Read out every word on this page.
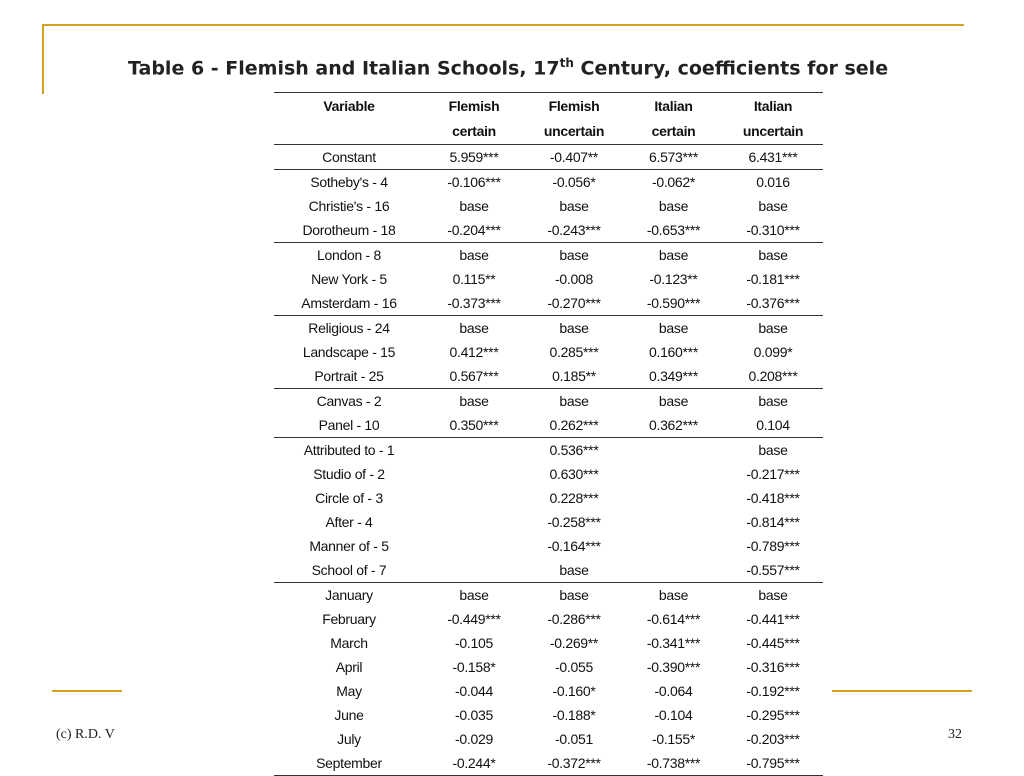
Table 6 - Flemish and Italian Schools, 17th Century, coefficients for sele
Variable	Flemish	Flemish	Italian	Italian
	certain	uncertain	certain	uncertain
Constant	5.959***	-0.407**	6.573***	6.431***
Sotheby's - 4	-0.106***	-0.056*	-0.062*	0.016
Christie's - 16	base	base	base	base
Dorotheum - 18	-0.204***	-0.243***	-0.653***	-0.310***
London - 8	base	base	base	base
New York - 5	0.115**	-0.008	-0.123**	-0.181***
Amsterdam - 16	-0.373***	-0.270***	-0.590***	-0.376***
Religious - 24	base	base	base	base
Landscape - 15	0.412***	0.285***	0.160***	0.099*
Portrait - 25	0.567***	0.185**	0.349***	0.208***
Canvas - 2	base	base	base	base
Panel - 10	0.350***	0.262***	0.362***	0.104
Attributed to - 1		0.536***		base
Studio of - 2		0.630***		-0.217***
Circle of - 3		0.228***		-0.418***
After - 4		-0.258***		-0.814***
Manner of - 5		-0.164***		-0.789***
School of - 7		base		-0.557***
January	base	base	base	base
February	-0.449***	-0.286***	-0.614***	-0.441***
March	-0.105	-0.269**	-0.341***	-0.445***
April	-0.158*	-0.055	-0.390***	-0.316***
May	-0.044	-0.160*	-0.064	-0.192***
June	-0.035	-0.188*	-0.104	-0.295***
July	-0.029	-0.051	-0.155*	-0.203***
September	-0.244*	-0.372***	-0.738***	-0.795***
(c) R.D. V	32
